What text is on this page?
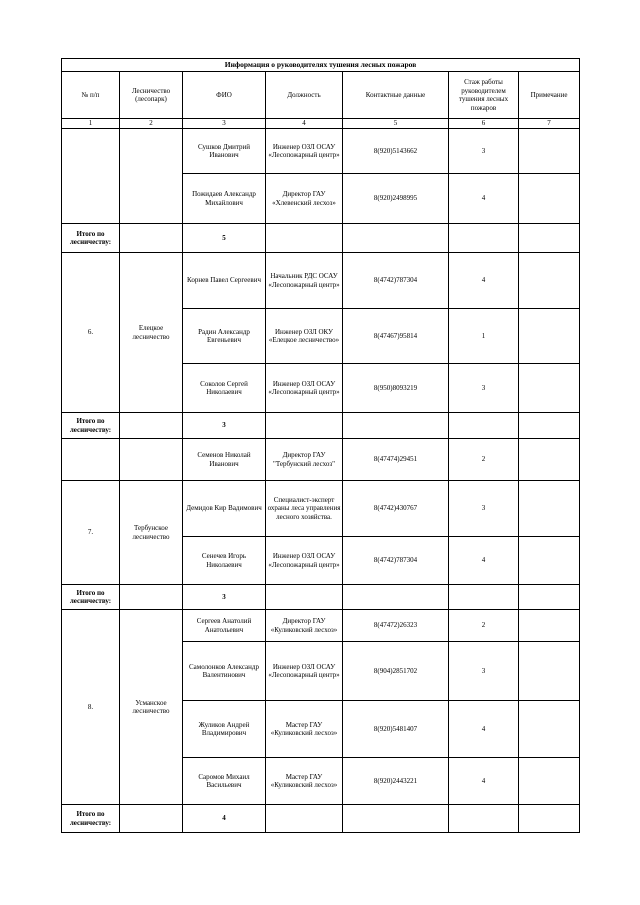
Информация о руководителях тушения лесных пожаров						
№ п/п	Лесничество (лесопарк)	ФИО	Должность	Контактные данные	Стаж работы руководителем тушения лесных пожаров	Примечание
1	2	3	4	5	6	7
		Сушков Дмитрий Иванович	Инженер ОЗЛ ОСАУ «Лесопожарный центр»	8(920)5143662	3	
		Пожидаев Александр Михайлович	Директор ГАУ «Хлевенский лесхоз»	8(920)2498995	4	
Итого по лесничеству:		5				
6.	Елецкое лесничество	Корнев Павел Сергеевич	Начальник РДС ОСАУ «Лесопожарный центр»	8(4742)787304	4	
		Радин Александр Евгеньевич	Инженер ОЗЛ ОКУ «Елецкое лесничество»	8(47467)95814	1	
		Соколов Сергей Николаевич	Инженер ОЗЛ ОСАУ «Лесопожарный центр»	8(950)8093219	3	
Итого по лесничеству:		3				
		Семенов Николай Иванович	Директор ГАУ "Тербунский лесхоз"	8(47474)29451	2	
7.	Тербунское лесничество	Демидов Кир Вадимович	Специалист-эксперт охраны леса управления лесного хозяйства.	8(4742)430767	3	
		Сенечев Игорь Николаевич	Инженер ОЗЛ ОСАУ «Лесопожарный центр»	8(4742)787304	4	
Итого по лесничеству:		3				
8.	Усманское лесничество	Сергеев Анатолий Анатольевич	Директор ГАУ «Куликовский лесхоз»	8(47472)26323	2	
		Самолонков Александр Валентинович	Инженер ОЗЛ ОСАУ «Лесопожарный центр»	8(904)2851702	3	
		Жуликов Андрей Владимирович	Мастер ГАУ «Куликовский лесхоз»	8(920)5481407	4	
		Саромов Михаил Васильевич	Мастер ГАУ «Куликовский лесхоз»	8(920)2443221	4	
Итого по лесничеству:		4				
